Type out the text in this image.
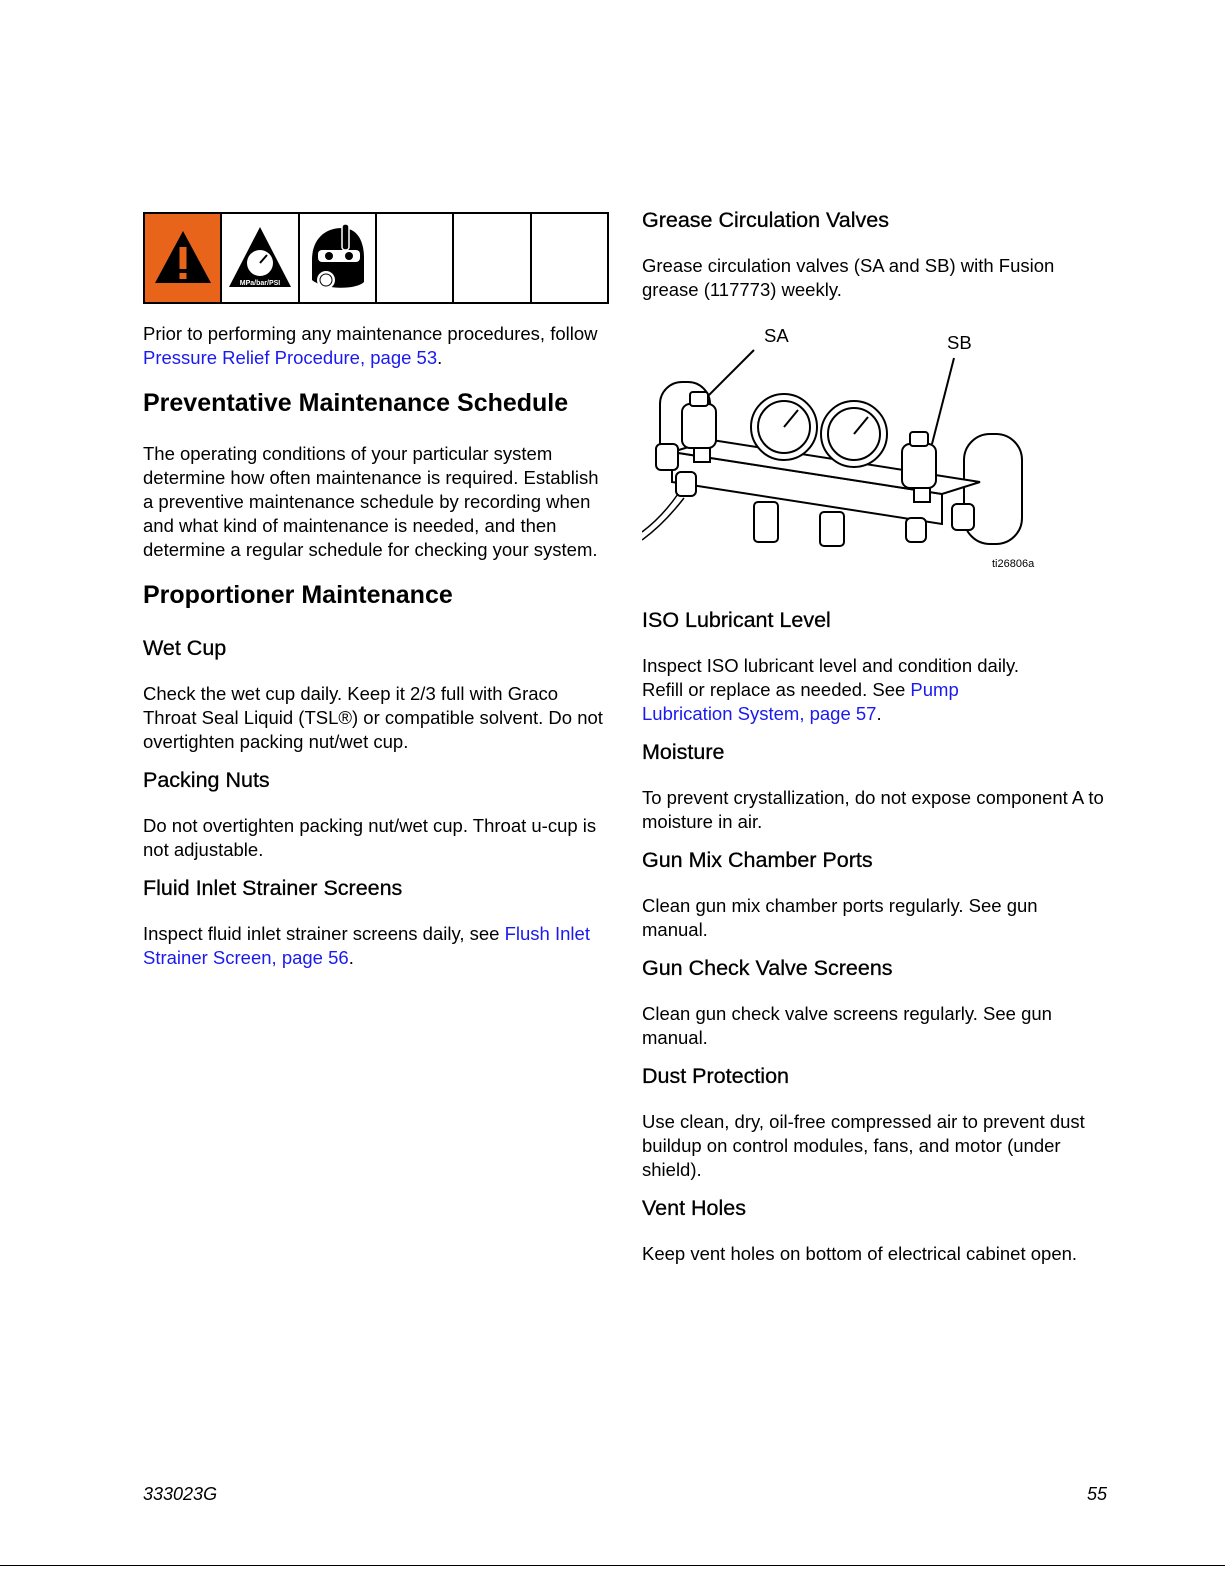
MPa/bar/PSI

Prior to performing any maintenance procedures, follow Pressure Relief Procedure, page 53.

Preventative Maintenance Schedule

The operating conditions of your particular system determine how often maintenance is required. Establish a preventive maintenance schedule by recording when and what kind of maintenance is needed, and then determine a regular schedule for checking your system.

Proportioner Maintenance
Wet Cup

Check the wet cup daily. Keep it 2/3 full with Graco Throat Seal Liquid (TSL®) or compatible solvent. Do not overtighten packing nut/wet cup.

Packing Nuts

Do not overtighten packing nut/wet cup. Throat u-cup is not adjustable.

Fluid Inlet Strainer Screens

Inspect fluid inlet strainer screens daily, see Flush Inlet Strainer Screen, page 56.

Grease Circulation Valves

Grease circulation valves (SA and SB) with Fusion grease (117773) weekly.

SA	SB
ti26806a
ISO Lubricant Level

Inspect ISO lubricant level and condition daily. Refill or replace as needed. See Pump Lubrication System, page 57.

Moisture

To prevent crystallization, do not expose component A to moisture in air.

Gun Mix Chamber Ports

Clean gun mix chamber ports regularly. See gun manual.

Gun Check Valve Screens

Clean gun check valve screens regularly. See gun manual.

Dust Protection

Use clean, dry, oil-free compressed air to prevent dust buildup on control modules, fans, and motor (under shield).

Vent Holes

Keep vent holes on bottom of electrical cabinet open.

333023G	55
